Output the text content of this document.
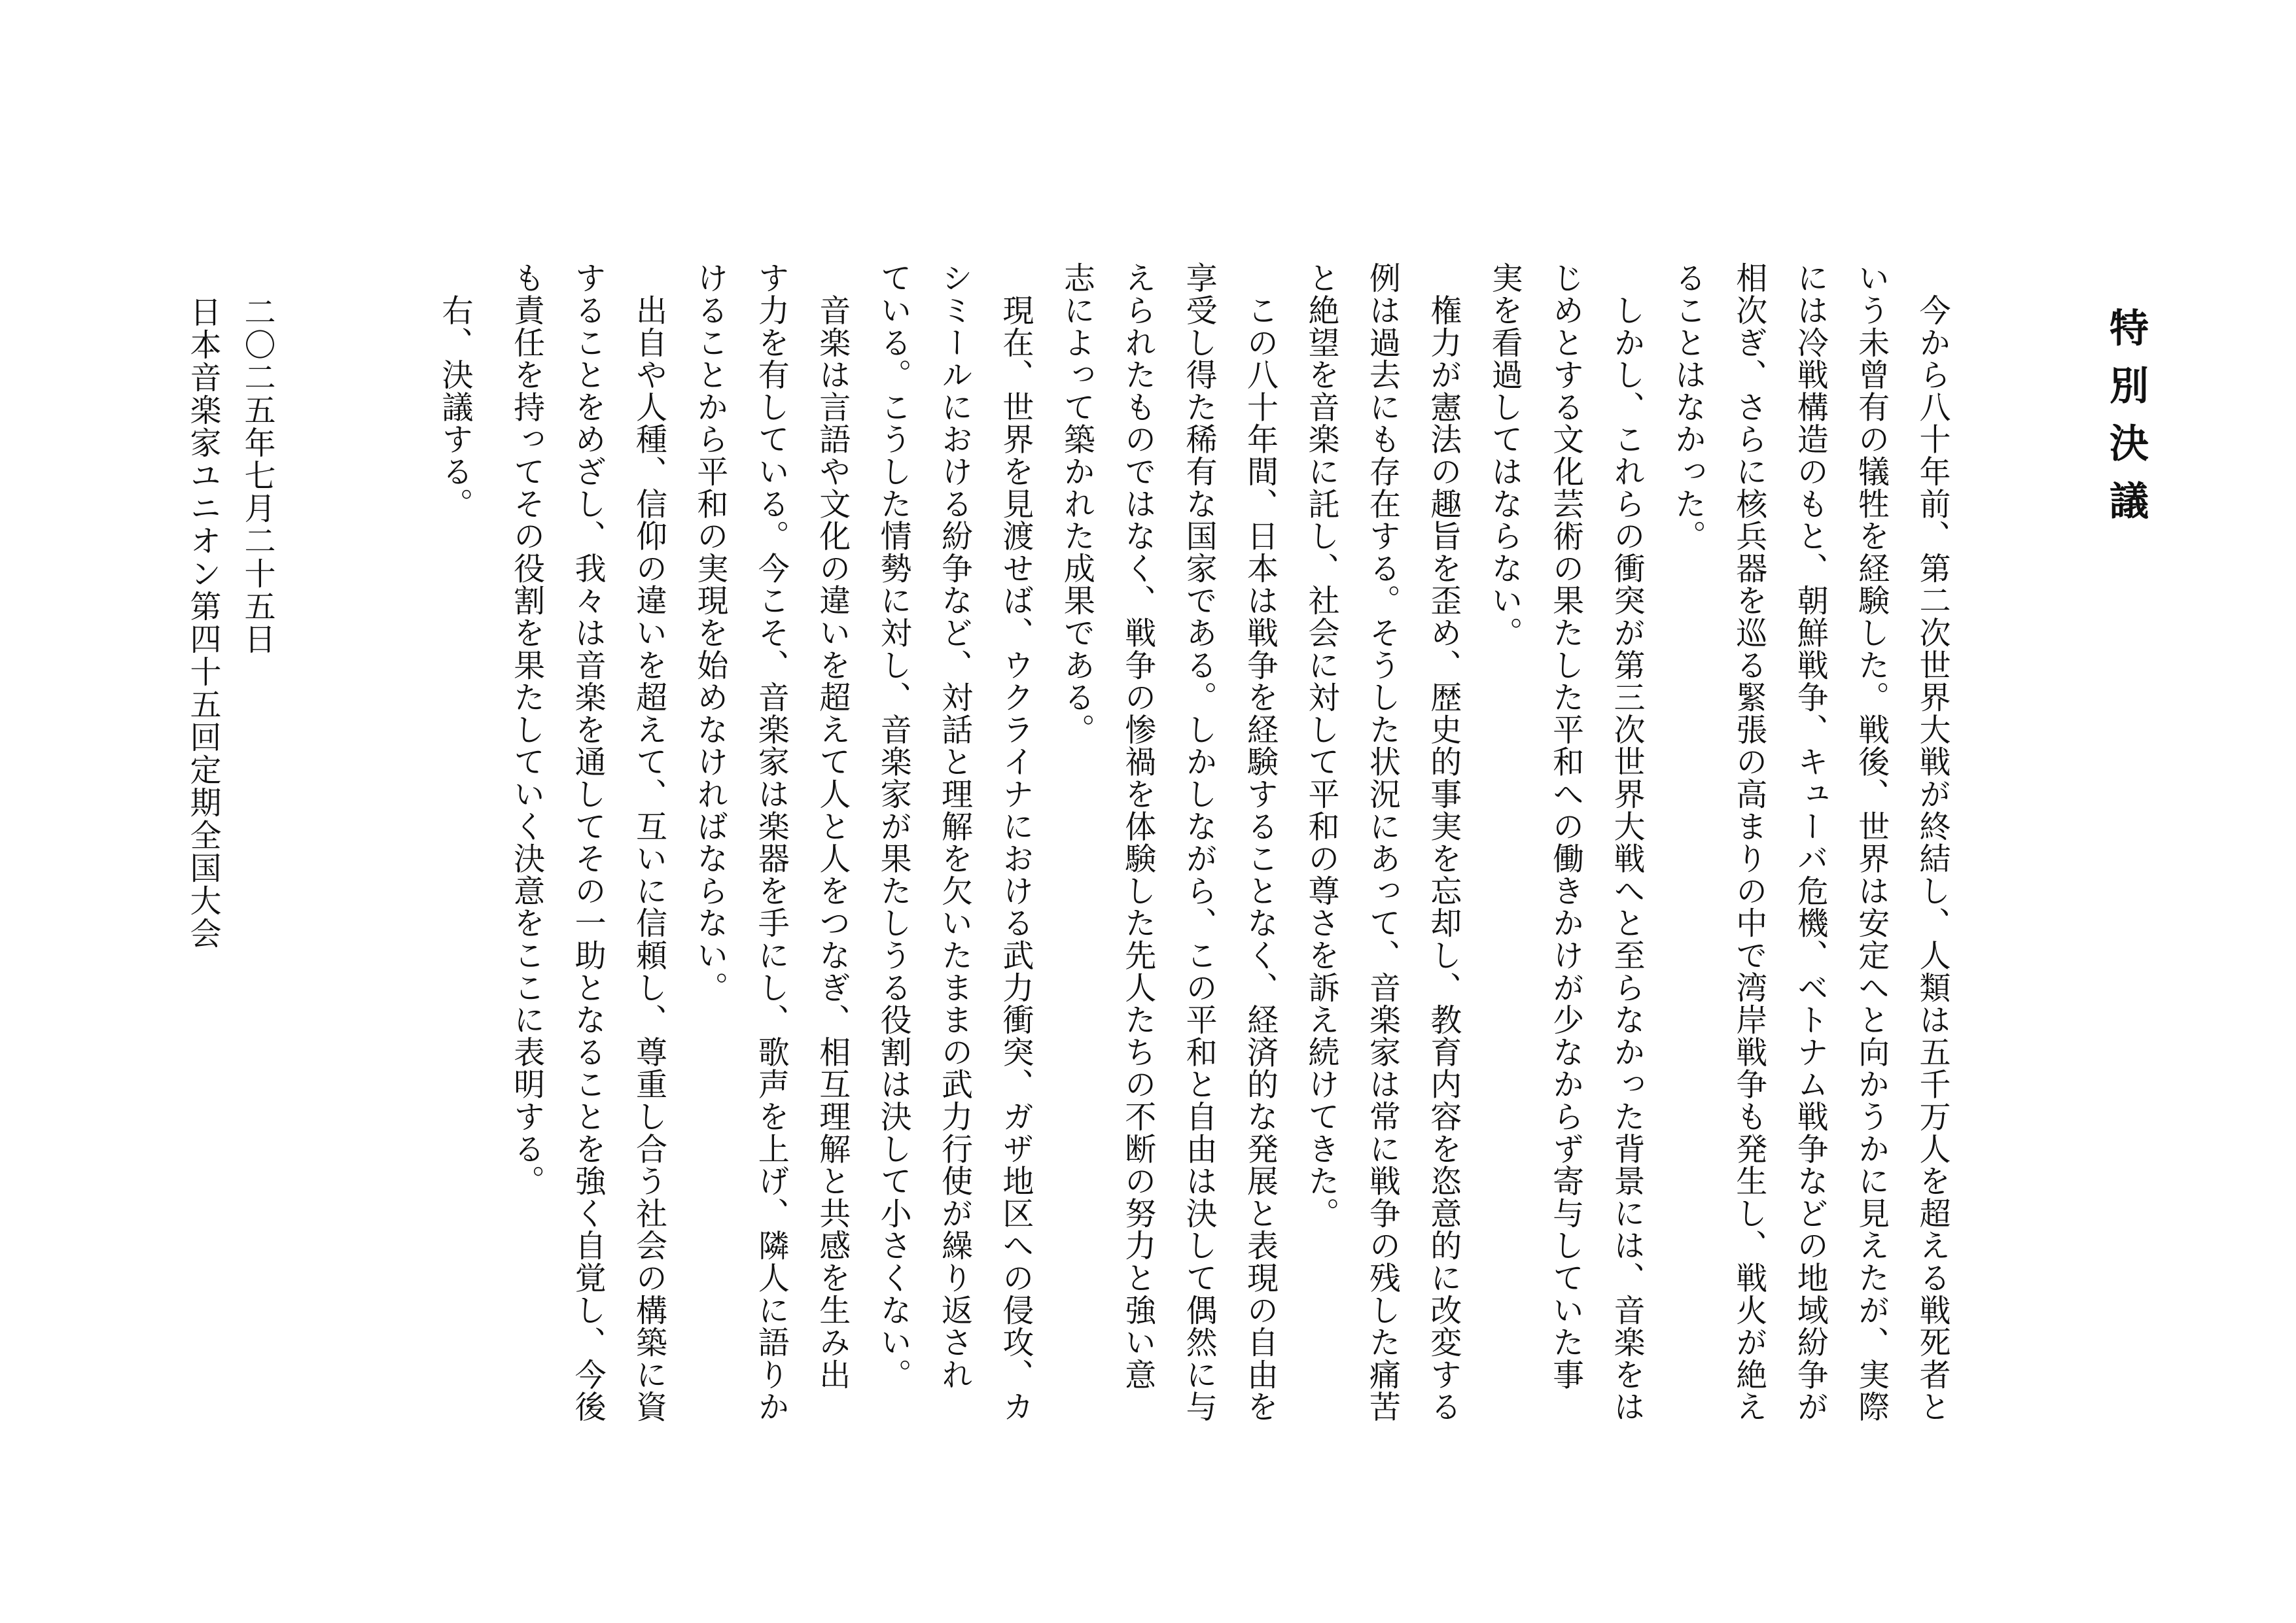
特別決議
　今から八十年前、第二次世界大戦が終結し、人類は五千万人を超える戦死者と
いう未曾有の犠牲を経験した。戦後、世界は安定へと向かうかに見えたが、実際
には冷戦構造のもと、朝鮮戦争、キューバ危機、ベトナム戦争などの地域紛争が
相次ぎ、さらに核兵器を巡る緊張の高まりの中で湾岸戦争も発生し、戦火が絶え
ることはなかった。
　しかし、これらの衝突が第三次世界大戦へと至らなかった背景には、音楽をは
じめとする文化芸術の果たした平和への働きかけが少なからず寄与していた事
実を看過してはならない。
　権力が憲法の趣旨を歪め、歴史的事実を忘却し、教育内容を恣意的に改変する
例は過去にも存在する。そうした状況にあって、音楽家は常に戦争の残した痛苦
と絶望を音楽に託し、社会に対して平和の尊さを訴え続けてきた。
　この八十年間、日本は戦争を経験することなく、経済的な発展と表現の自由を
享受し得た稀有な国家である。しかしながら、この平和と自由は決して偶然に与
えられたものではなく、戦争の惨禍を体験した先人たちの不断の努力と強い意
志によって築かれた成果である。
　現在、世界を見渡せば、ウクライナにおける武力衝突、ガザ地区への侵攻、カ
シミールにおける紛争など、対話と理解を欠いたままの武力行使が繰り返され
ている。こうした情勢に対し、音楽家が果たしうる役割は決して小さくない。
　音楽は言語や文化の違いを超えて人と人をつなぎ、相互理解と共感を生み出
す力を有している。今こそ、音楽家は楽器を手にし、歌声を上げ、隣人に語りか
けることから平和の実現を始めなければならない。
　出自や人種、信仰の違いを超えて、互いに信頼し、尊重し合う社会の構築に資
することをめざし、我々は音楽を通してその一助となることを強く自覚し、今後
も責任を持ってその役割を果たしていく決意をここに表明する。

　右、決議する。

二〇二五年七月二十五日

日本音楽家ユニオン第四十五回定期全国大会
